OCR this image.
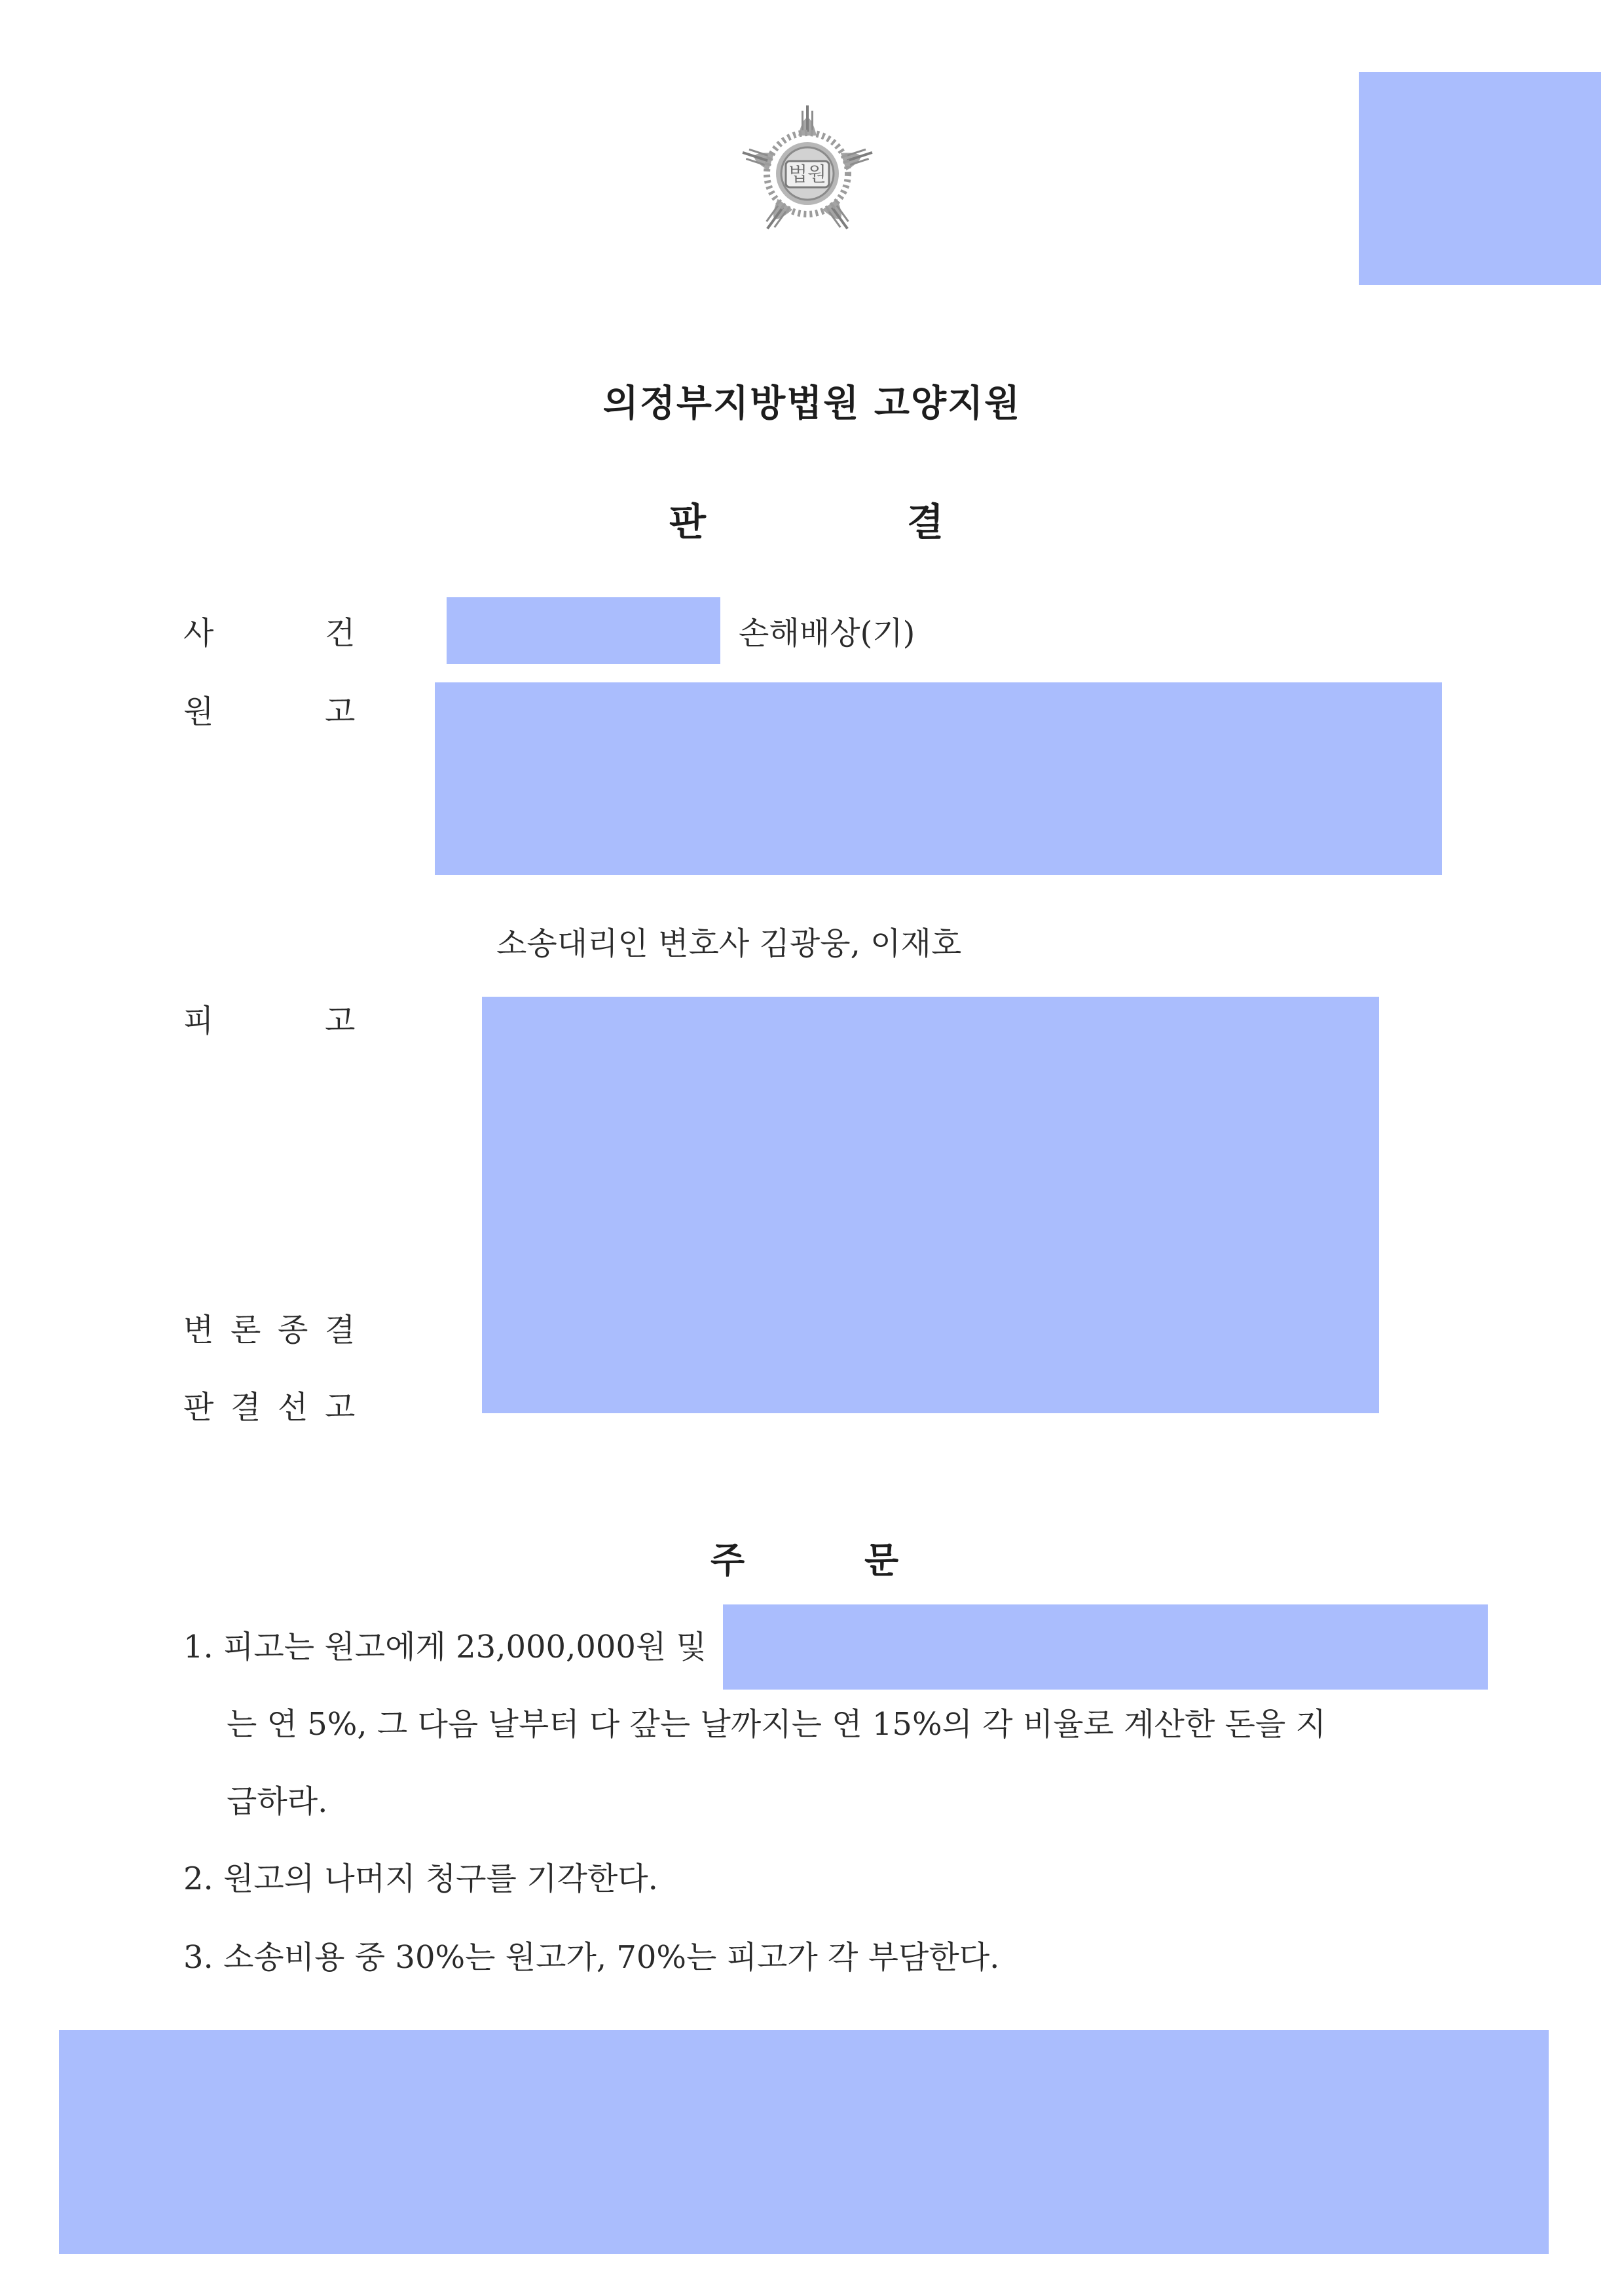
법원
의정부지방법원 고양지원
판	결
사	건	손해배상(기)
원	고
소송대리인 변호사 김광웅, 이재호
피	고
변 론 종 결
판 결 선 고
주	문
1. 피고는 원고에게 23,000,000원 및
는 연 5%, 그 다음 날부터 다 갚는 날까지는 연 15%의 각 비율로 계산한 돈을 지
급하라.
2. 원고의 나머지 청구를 기각한다.
3. 소송비용 중 30%는 원고가, 70%는 피고가 각 부담한다.
